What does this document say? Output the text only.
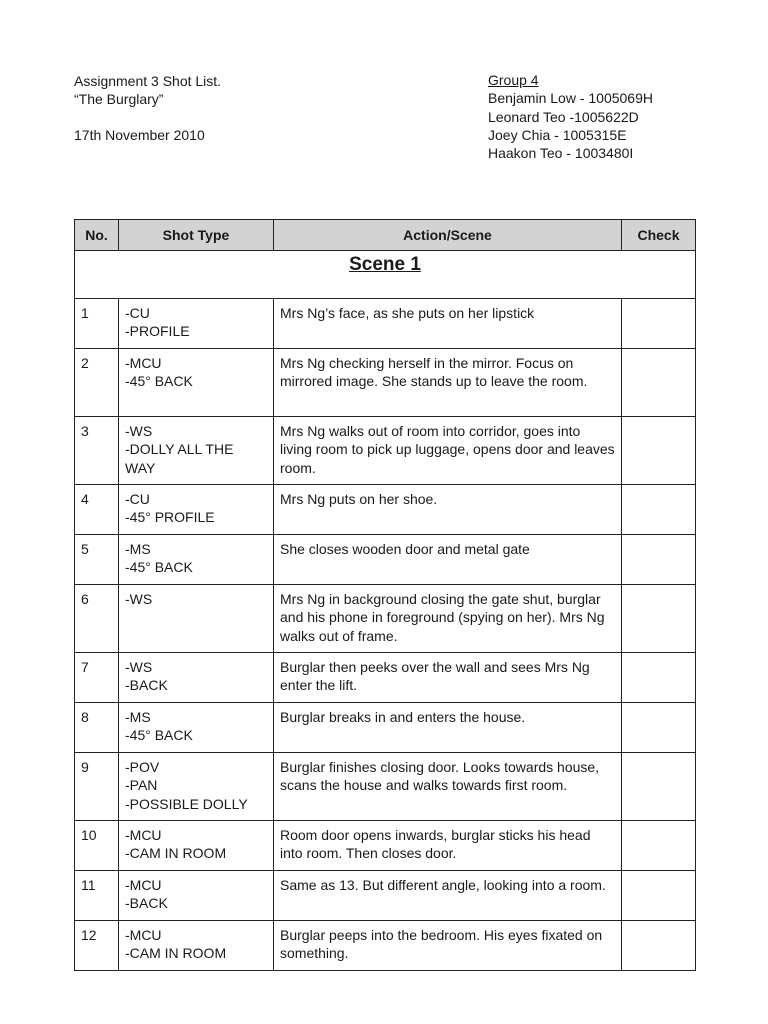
Assignment 3 Shot List.
“The Burglary”
17th November 2010
Group 4
Benjamin Low - 1005069H
Leonard Teo -1005622D
Joey Chia - 1005315E
Haakon Teo - 1003480I
No.	Shot Type	Action/Scene	Check
Scene 1			
1	-CU
-PROFILE	Mrs Ng’s face, as she puts on her lipstick	
2	-MCU
-45° BACK	Mrs Ng checking herself in the mirror. Focus on mirrored image. She stands up to leave the room.	
3	-WS
-DOLLY ALL THE
WAY	Mrs Ng walks out of room into corridor, goes into living room to pick up luggage, opens door and leaves room.	
4	-CU
-45° PROFILE	Mrs Ng puts on her shoe.	
5	-MS
-45° BACK	She closes wooden door and metal gate	
6	-WS	Mrs Ng in background closing the gate shut, burglar and his phone in foreground (spying on her). Mrs Ng walks out of frame.	
7	-WS
-BACK	Burglar then peeks over the wall and sees Mrs Ng enter the lift.	
8	-MS
-45° BACK	Burglar breaks in and enters the house.	
9	-POV
-PAN
-POSSIBLE DOLLY	Burglar finishes closing door. Looks towards house, scans the house and walks towards first room.	
10	-MCU
-CAM IN ROOM	Room door opens inwards, burglar sticks his head into room. Then closes door.	
11	-MCU
-BACK	Same as 13. But different angle, looking into a room.	
12	-MCU
-CAM IN ROOM	Burglar peeps into the bedroom. His eyes fixated on something.	
